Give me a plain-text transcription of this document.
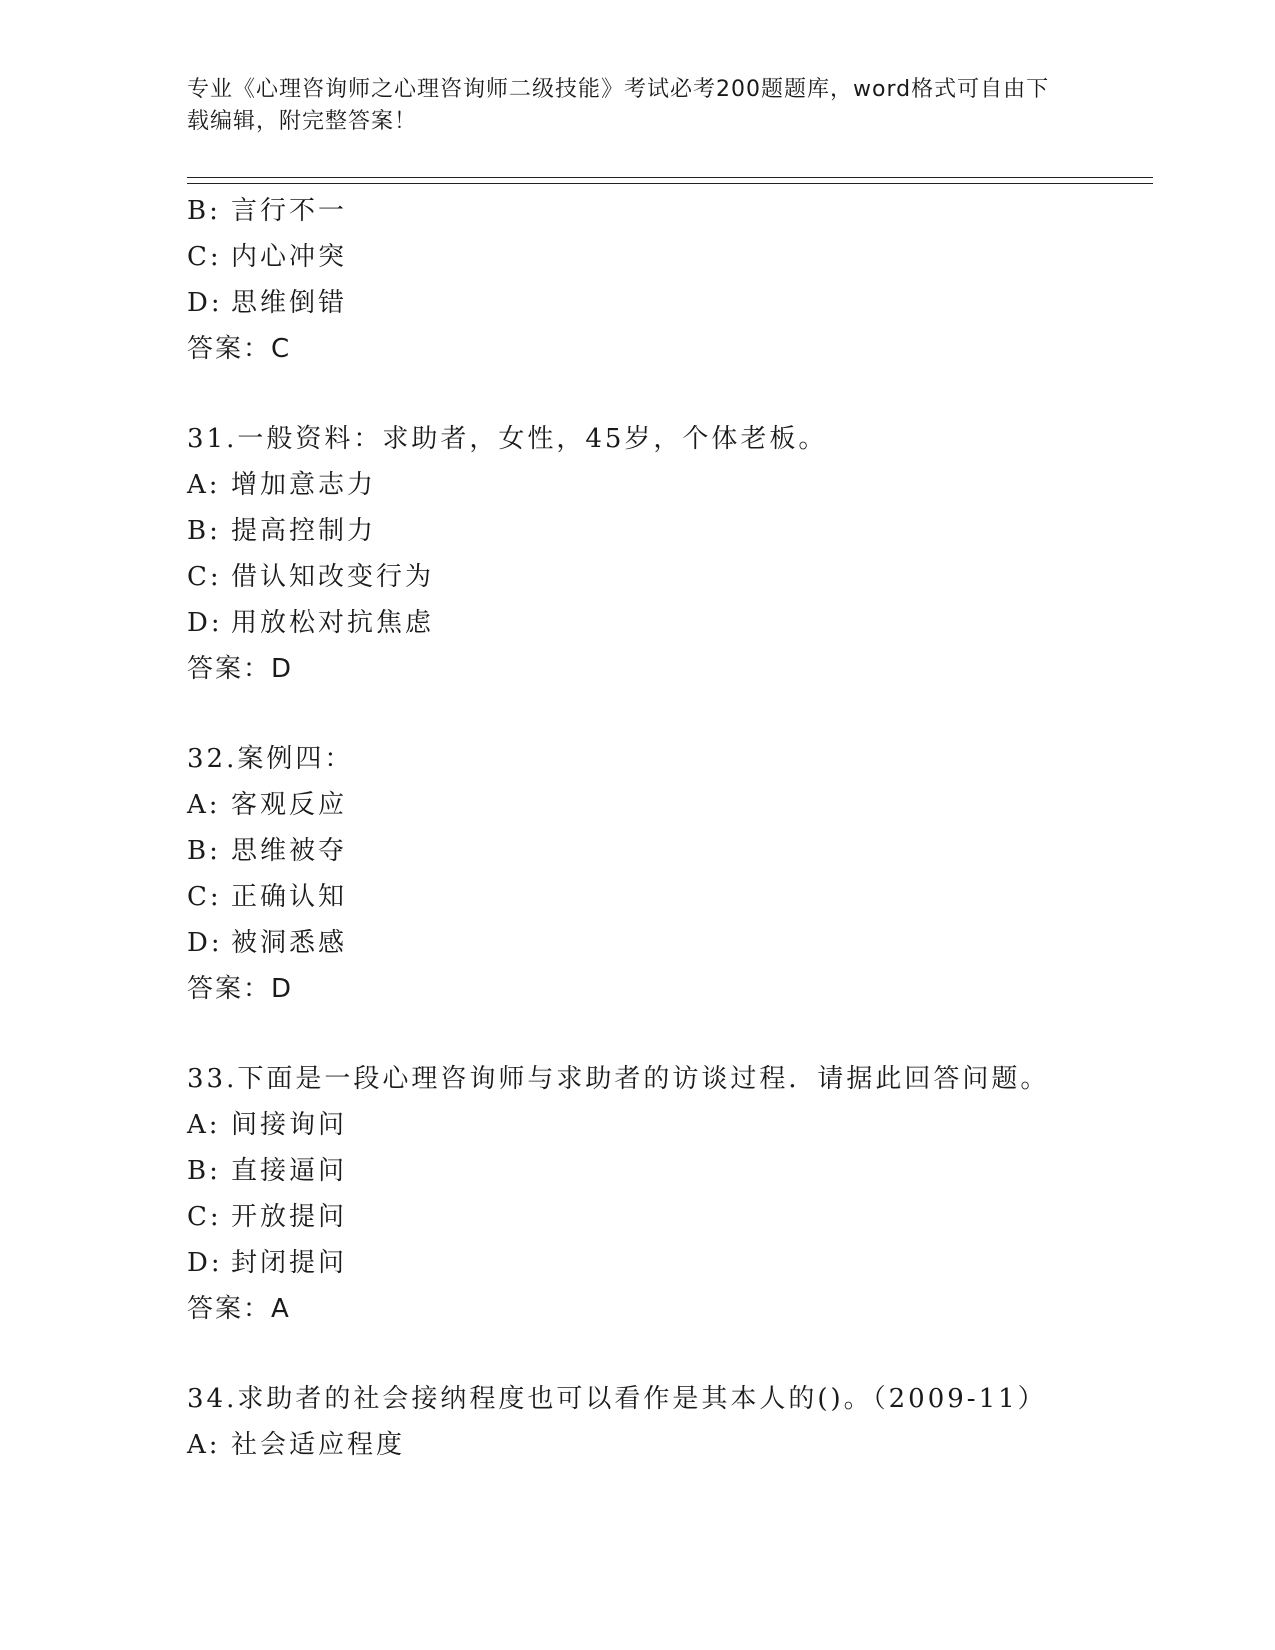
专业《心理咨询师之心理咨询师二级技能》考试必考200题题库，word格式可自由下载编辑，附完整答案！
B: 言行不一
C: 内心冲突
D: 思维倒错
答案：C
31.一般资料：求助者，女性，45岁，个体老板。
A: 增加意志力
B: 提高控制力
C: 借认知改变行为
D: 用放松对抗焦虑
答案：D
32.案例四：
A: 客观反应
B: 思维被夺
C: 正确认知
D: 被洞悉感
答案：D
33.下面是一段心理咨询师与求助者的访谈过程．请据此回答问题。
A: 间接询问
B: 直接逼问
C: 开放提问
D: 封闭提问
答案：A
34.求助者的社会接纳程度也可以看作是其本人的()。（2009-11）
A: 社会适应程度
